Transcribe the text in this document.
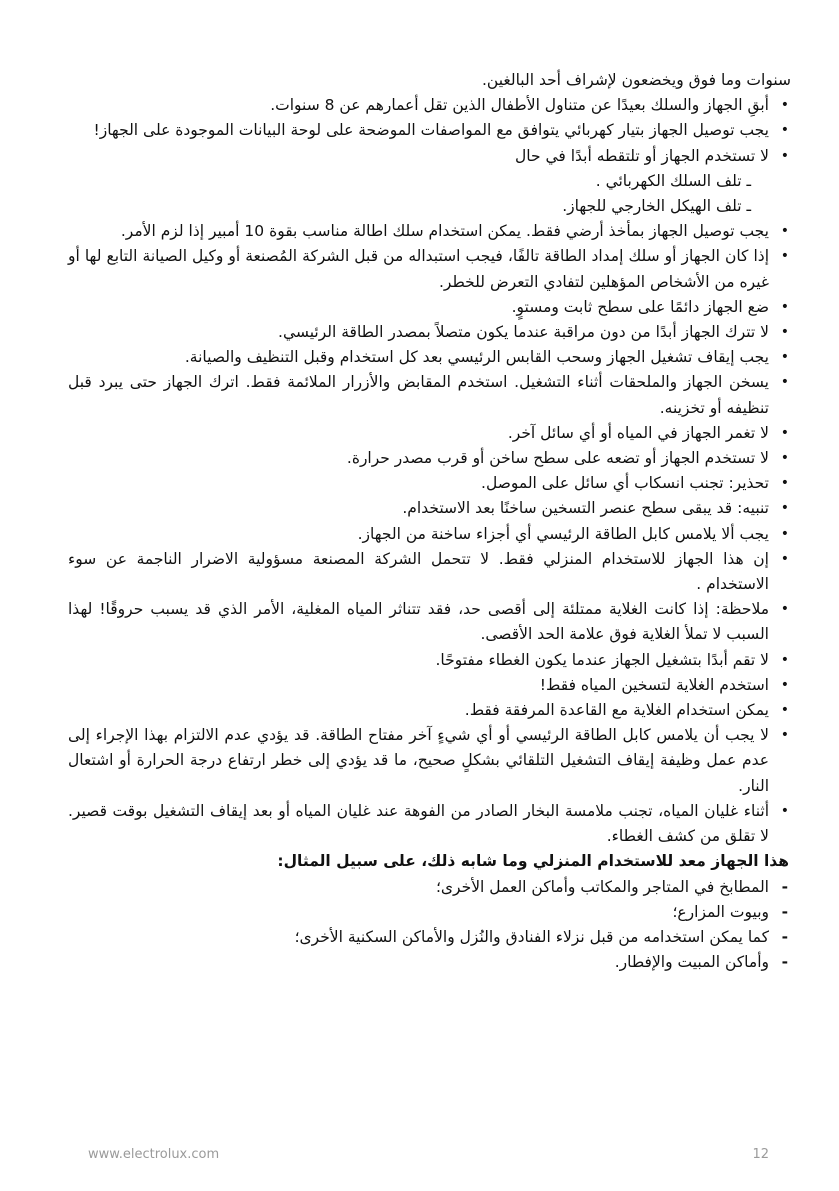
سنوات وما فوق ويخضعون لإشراف أحد البالغين.

• أبقِ الجهاز والسلك بعيدًا عن متناول الأطفال الذين تقل أعمارهم عن 8 سنوات.
• يجب توصيل الجهاز بتيار كهربائي يتوافق مع المواصفات الموضحة على لوحة البيانات الموجودة على الجهاز!
• لا تستخدم الجهاز أو تلتقطه أبدًا في حال
ـ تلف السلك الكهربائي .
ـ تلف الهيكل الخارجي للجهاز.
• يجب توصيل الجهاز بمأخذ أرضي فقط. يمكن استخدام سلك اطالة مناسب بقوة 10 أمبير إذا لزم الأمر.
• إذا كان الجهاز أو سلك إمداد الطاقة تالفًا، فيجب استبداله من قبل الشركة المُصنعة أو وكيل الصيانة التابع لها أو غيره من الأشخاص المؤهلين لتفادي التعرض للخطر.
• ضع الجهاز دائمًا على سطح ثابت ومستوٍ.
• لا تترك الجهاز أبدًا من دون مراقبة عندما يكون متصلاً بمصدر الطاقة الرئيسي.
• يجب إيقاف تشغيل الجهاز وسحب القابس الرئيسي بعد كل استخدام وقبل التنظيف والصيانة.
• يسخن الجهاز والملحقات أثناء التشغيل. استخدم المقابض والأزرار الملائمة فقط. اترك الجهاز حتى يبرد قبل تنظيفه أو تخزينه.
• لا تغمر الجهاز في المياه أو أي سائل آخر.
• لا تستخدم الجهاز أو تضعه على سطح ساخن أو قرب مصدر حرارة.
• تحذير: تجنب انسكاب أي سائل على الموصل.
• تنبيه: قد يبقى سطح عنصر التسخين ساخنًا بعد الاستخدام.
• يجب ألا يلامس كابل الطاقة الرئيسي أي أجزاء ساخنة من الجهاز.
• إن هذا الجهاز للاستخدام المنزلي فقط. لا تتحمل الشركة المصنعة مسؤولية الاضرار الناجمة عن سوء الاستخدام .
• ملاحظة: إذا كانت الغلاية ممتلئة إلى أقصى حد، فقد تتناثر المياه المغلية، الأمر الذي قد يسبب حروقًا! لهذا السبب لا تملأ الغلاية فوق علامة الحد الأقصى.
• لا تقم أبدًا بتشغيل الجهاز عندما يكون الغطاء مفتوحًا.
• استخدم الغلاية لتسخين المياه فقط!
• يمكن استخدام الغلاية مع القاعدة المرفقة فقط.
• لا يجب أن يلامس كابل الطاقة الرئيسي أو أي شيءٍ آخر مفتاح الطاقة. قد يؤدي عدم الالتزام بهذا الإجراء إلى عدم عمل وظيفة إيقاف التشغيل التلقائي بشكلٍ صحيح، ما قد يؤدي إلى خطر ارتفاع درجة الحرارة أو اشتعال النار.
• أثناء غليان المياه، تجنب ملامسة البخار الصادر من الفوهة عند غليان المياه أو بعد إيقاف التشغيل بوقت قصير. لا تقلق من كشف الغطاء.

هذا الجهاز معد للاستخدام المنزلي وما شابه ذلك، على سبيل المثال:

- المطابخ في المتاجر والمكاتب وأماكن العمل الأخرى؛
- وبيوت المزارع؛
- كما يمكن استخدامه من قبل نزلاء الفنادق والنُزل والأماكن السكنية الأخرى؛
- وأماكن المبيت والإفطار.
www.electrolux.com	12
